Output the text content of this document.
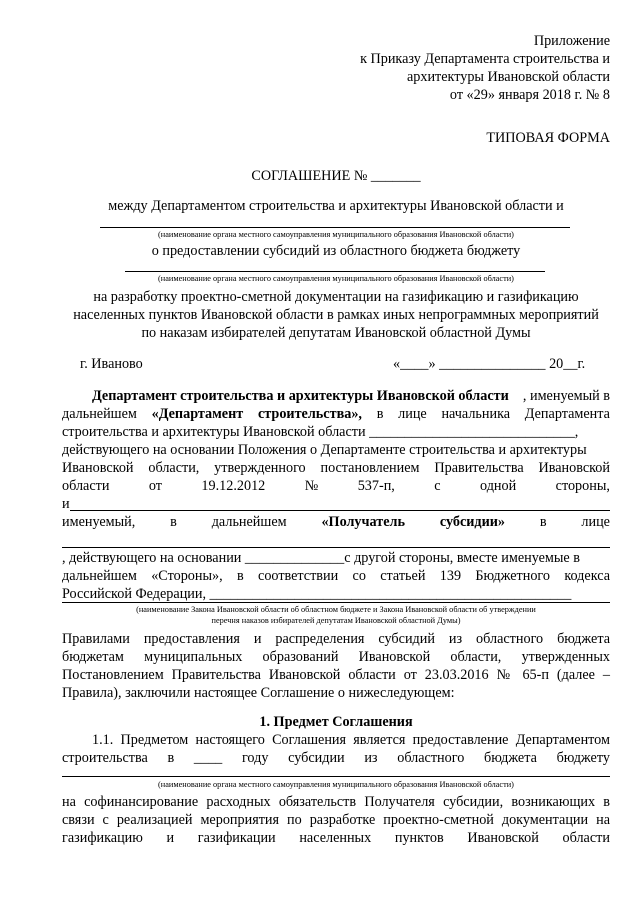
Приложение
к Приказу Департамента строительства и
архитектуры Ивановской области
от «29» января 2018 г. № 8
ТИПОВАЯ ФОРМА
СОГЛАШЕНИЕ № _______
между Департаментом строительства и архитектуры Ивановской области и
(наименование органа местного самоуправления муниципального образования Ивановской области)
о предоставлении субсидий из областного бюджета бюджету
(наименование органа местного самоуправления муниципального образования Ивановской области)
на разработку проектно-сметной документации на газификацию и газификацию
населенных пунктов Ивановской области в рамках иных непрограммных мероприятий
по наказам избирателей депутатам Ивановской областной Думы
г. Иваново	«____» _______________ 20__г.
Департамент строительства и архитектуры Ивановской области , именуемый в
дальнейшем «Департамент строительства», в лице начальника Департамента
строительства и архитектуры Ивановской области _____________________________,
действующего на основании Положения о Департаменте строительства и архитектуры
Ивановской области, утвержденного постановлением Правительства Ивановской
области	от	19.12.2012	№	537-п,	с	одной	стороны,
и
именуемый, в дальнейшем «Получатель субсидии» в лице
, действующего на основании ______________с другой стороны, вместе именуемые в
дальнейшем «Стороны», в соответствии со статьей 139 Бюджетного кодекса
Российской Федерации, ___________________________________________________
(наименование Закона Ивановской области об областном бюджете и Закона Ивановской области об утверждении
перечня наказов избирателей депутатам Ивановской областной Думы)
Правилами предоставления и распределения субсидий из областного бюджета
бюджетам муниципальных образований Ивановской области, утвержденных
Постановлением Правительства Ивановской области от 23.03.2016 № 65-п (далее –
Правила), заключили настоящее Соглашение о нижеследующем:
1. Предмет Соглашения
1.1. Предметом настоящего Соглашения является предоставление Департаментом
строительства в ____ году субсидии из областного бюджета бюджету
(наименование органа местного самоуправления муниципального образования Ивановской области)
на софинансирование расходных обязательств Получателя субсидии, возникающих в
связи с реализацией мероприятия по разработке проектно-сметной документации на
газификацию и газификации населенных пунктов Ивановской области
